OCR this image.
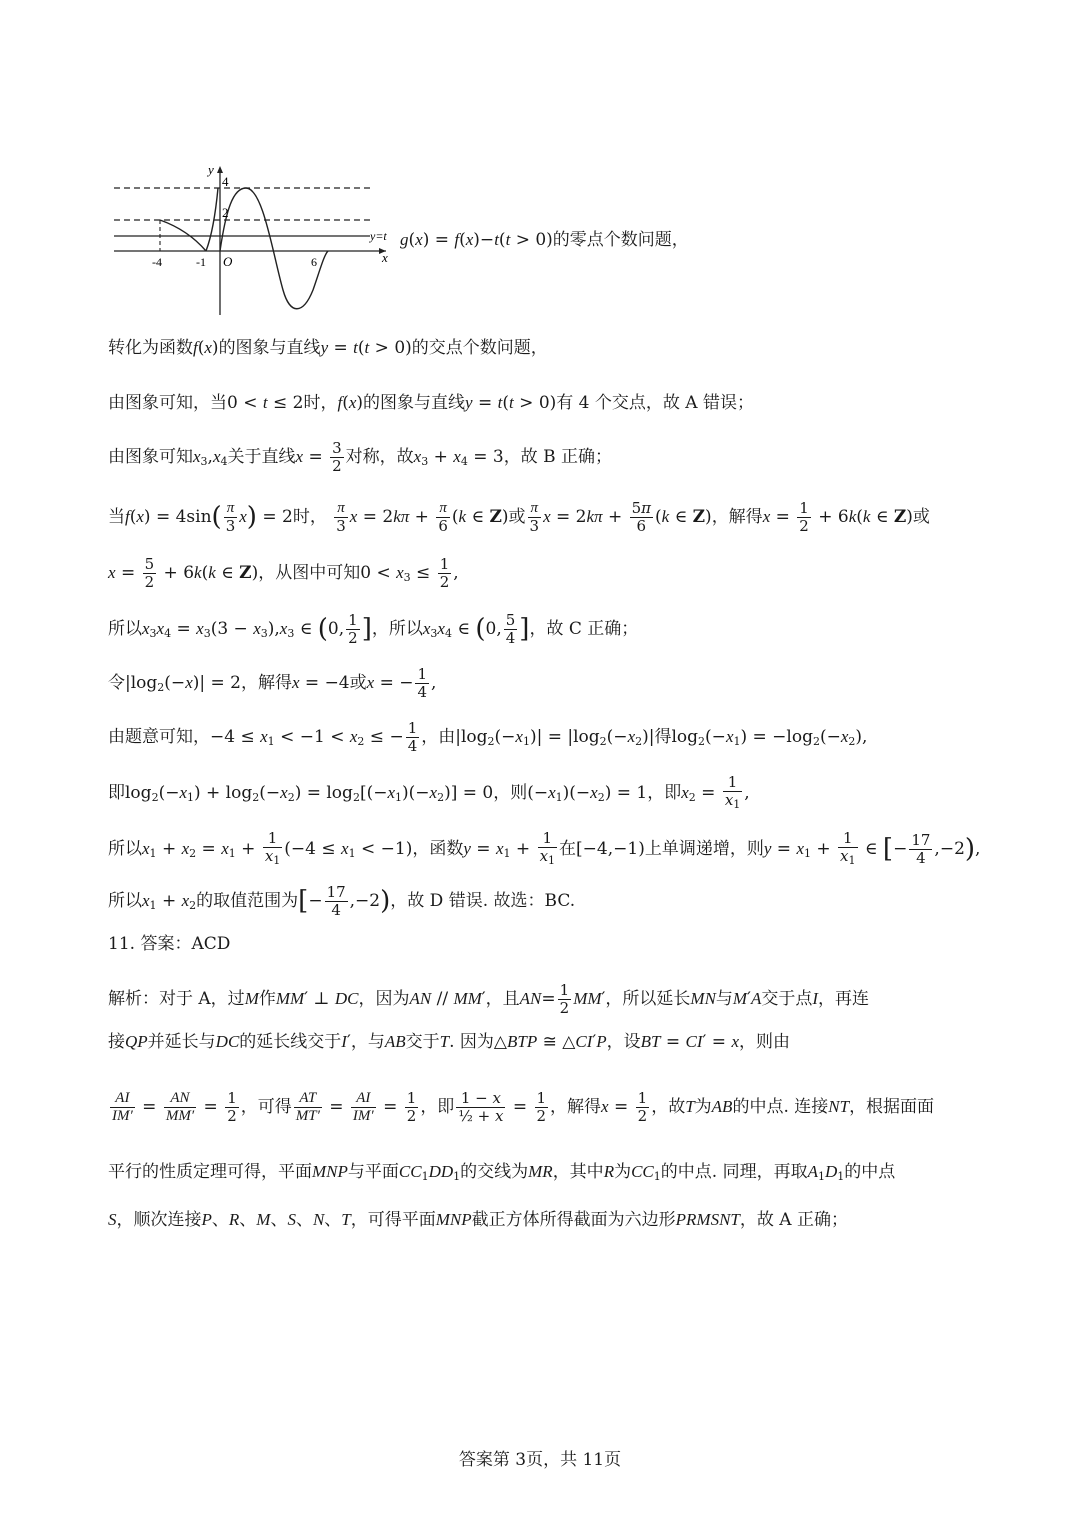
y
x
4
2
-4	-1 O	6
y=t g(x) = f(x)−t(t > 0)的零点个数问题，
转化为函数f(x)的图象与直线y = t(t > 0)的交点个数问题，
由图象可知，当0 < t ≤ 2时，f(x)的图象与直线y = t(t > 0)有 4 个交点，故 A 错误；
由图象可知$x_3,x_4$关于直线$x = \frac{3}{2}$ 对称，故$x_3 + x_4 = 3$，故 B 正确；
当$f(x) = 4\sin( \frac{\pi}{3} x) = 2$时， $\frac{\pi}{3}$ $x = 2k\pi + \frac{\pi}{6} (k$ ∈ Z)或 $\frac{\pi}{3}$ $x = 2k\pi + \frac{5\pi}{6} (k$ ∈ Z)，解得$x = \frac{1}{2} + 6k(k$ ∈ Z)或
$x = \frac{5}{2} + 6k(k$ ∈ Z)，从图中可知$0 < x_3 \le \frac{1}{2}$ ,
所以$x_3x_4 = x_3(3 - x_3),x_3$ ∈ (0, $\frac{1}{2}$ ]，所以$x_3x_4$ ∈ (0, $\frac{5}{4}$ ]，故 C 正确；
令$|\log_2(-x)| = 2$，解得x = −4或x = − $\frac{1}{4}$ ,
由题意可知，$-4 \le x_1 < -1 < x_2$ ≤ − $\frac{1}{4}$ ，由$|\log_2(-x_1)| = |\log_2(-x_2)|$得$\log_2(-x_1) = -\log_2(-x_2)$,
即$\log_2(-x_1) + \log_2(-x_2) = \log_2[(-x_1)(-x_2)] = 0$，则$(-x_1)(-x_2) = 1$，即$x_2 = \frac{1}{x_1}$ ,
所以$x_1 + x_2 = x_1 + \frac{1}{x_1} (-4 \le x_1 < -1)$，函数$y = x_1 + \frac{1}{x_1}$ 在[−4,−1)上单调递增，则$y = x_1 + \frac{1}{x_1}$ ∈ [− $\frac{17}{4} ,-2$),
所以$x_1 + x_2$的取值范围为[− $\frac{17}{4} ,-2$)，故 D 错误. 故选：BC.
11. 答案：ACD
解析：对于 A，过M作MM′ ⊥ DC，因为AN // MM′，且$AN= \frac{1}{2} MM'$，所以延长MN与M′A交于点I，再连
接QP并延长与DC的延长线交于I′，与AB交于T. 因为△BTP ≅ △CI′P，设BT = CI′ = x，则由
$\frac{AI}{IM'} = \frac{AN}{MM'} = \frac{1}{2}$ ，可得 $\frac{AT}{MT'} = \frac{AI}{IM'} = \frac{1}{2}$ ，即 $\frac{1 - x}{\text{½ + x}} = \frac{1}{2}$ ，解得$x = \frac{1}{2}$ ，故T为AB的中点. 连接NT，根据面面
平行的性质定理可得，平面MNP与平面$CC_1DD_1$的交线为MR，其中R为$CC_1$的中点. 同理，再取$A_1D_1$的中点
S，顺次连接P、R、M、S、N、T，可得平面MNP截正方体所得截面为六边形PRMSNT，故 A 正确；
答案第 3页，共 11页
